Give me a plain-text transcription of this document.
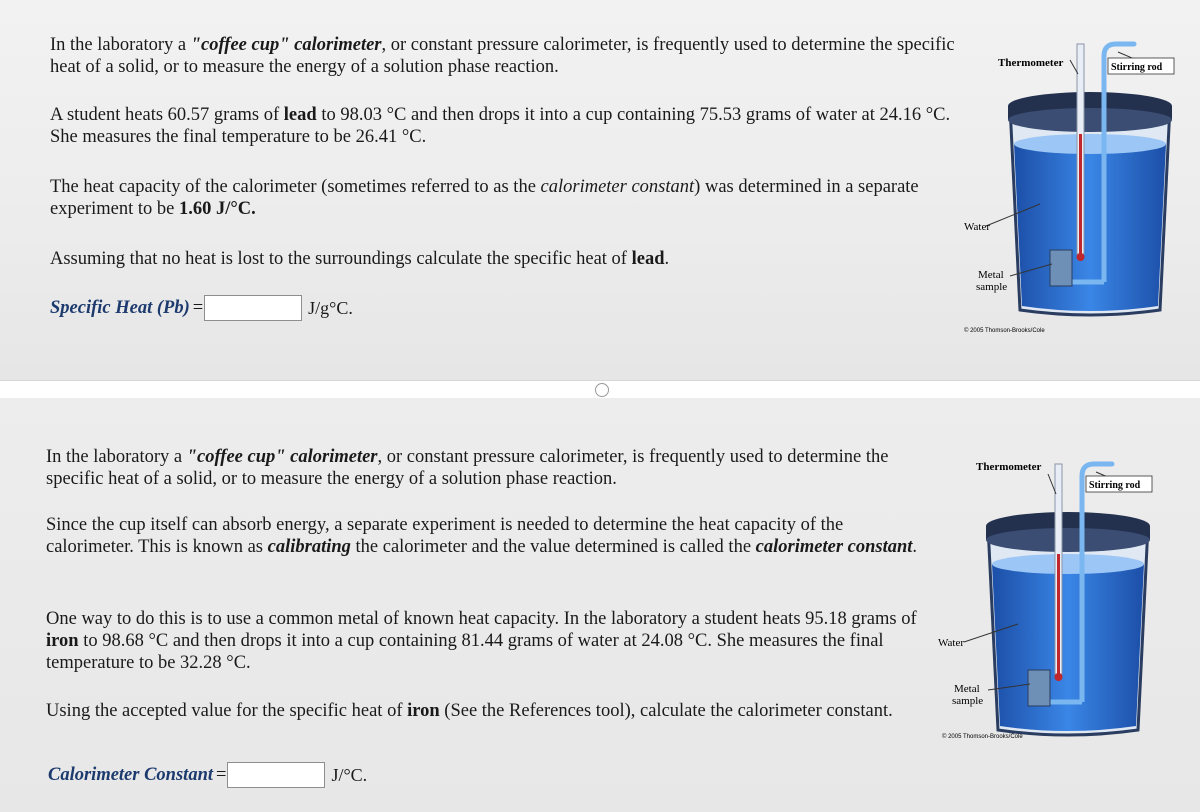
In the laboratory a "coffee cup" calorimeter, or constant pressure calorimeter, is frequently used to determine the specific heat of a solid, or to measure the energy of a solution phase reaction.

A student heats 60.57 grams of lead to 98.03 °C and then drops it into a cup containing 75.53 grams of water at 24.16 °C. She measures the final temperature to be 26.41 °C.

The heat capacity of the calorimeter (sometimes referred to as the calorimeter constant) was determined in a separate experiment to be 1.60 J/°C.

Assuming that no heat is lost to the surroundings calculate the specific heat of lead.

Specific Heat (Pb) =	J/g°C.
Thermometer	Stirring rod
Water
Metal
sample
© 2005 Thomson-Brooks/Cole

In the laboratory a "coffee cup" calorimeter, or constant pressure calorimeter, is frequently used to determine the specific heat of a solid, or to measure the energy of a solution phase reaction.

Since the cup itself can absorb energy, a separate experiment is needed to determine the heat capacity of the calorimeter. This is known as calibrating the calorimeter and the value determined is called the calorimeter constant.

One way to do this is to use a common metal of known heat capacity. In the laboratory a student heats 95.18 grams of iron to 98.68 °C and then drops it into a cup containing 81.44 grams of water at 24.08 °C. She measures the final temperature to be 32.28 °C.

Using the accepted value for the specific heat of iron (See the References tool), calculate the calorimeter constant.

Calorimeter Constant =	J/°C.
Thermometer
Stirring rod
Water
Metal
sample
© 2005 Thomson-Brooks/Cole
